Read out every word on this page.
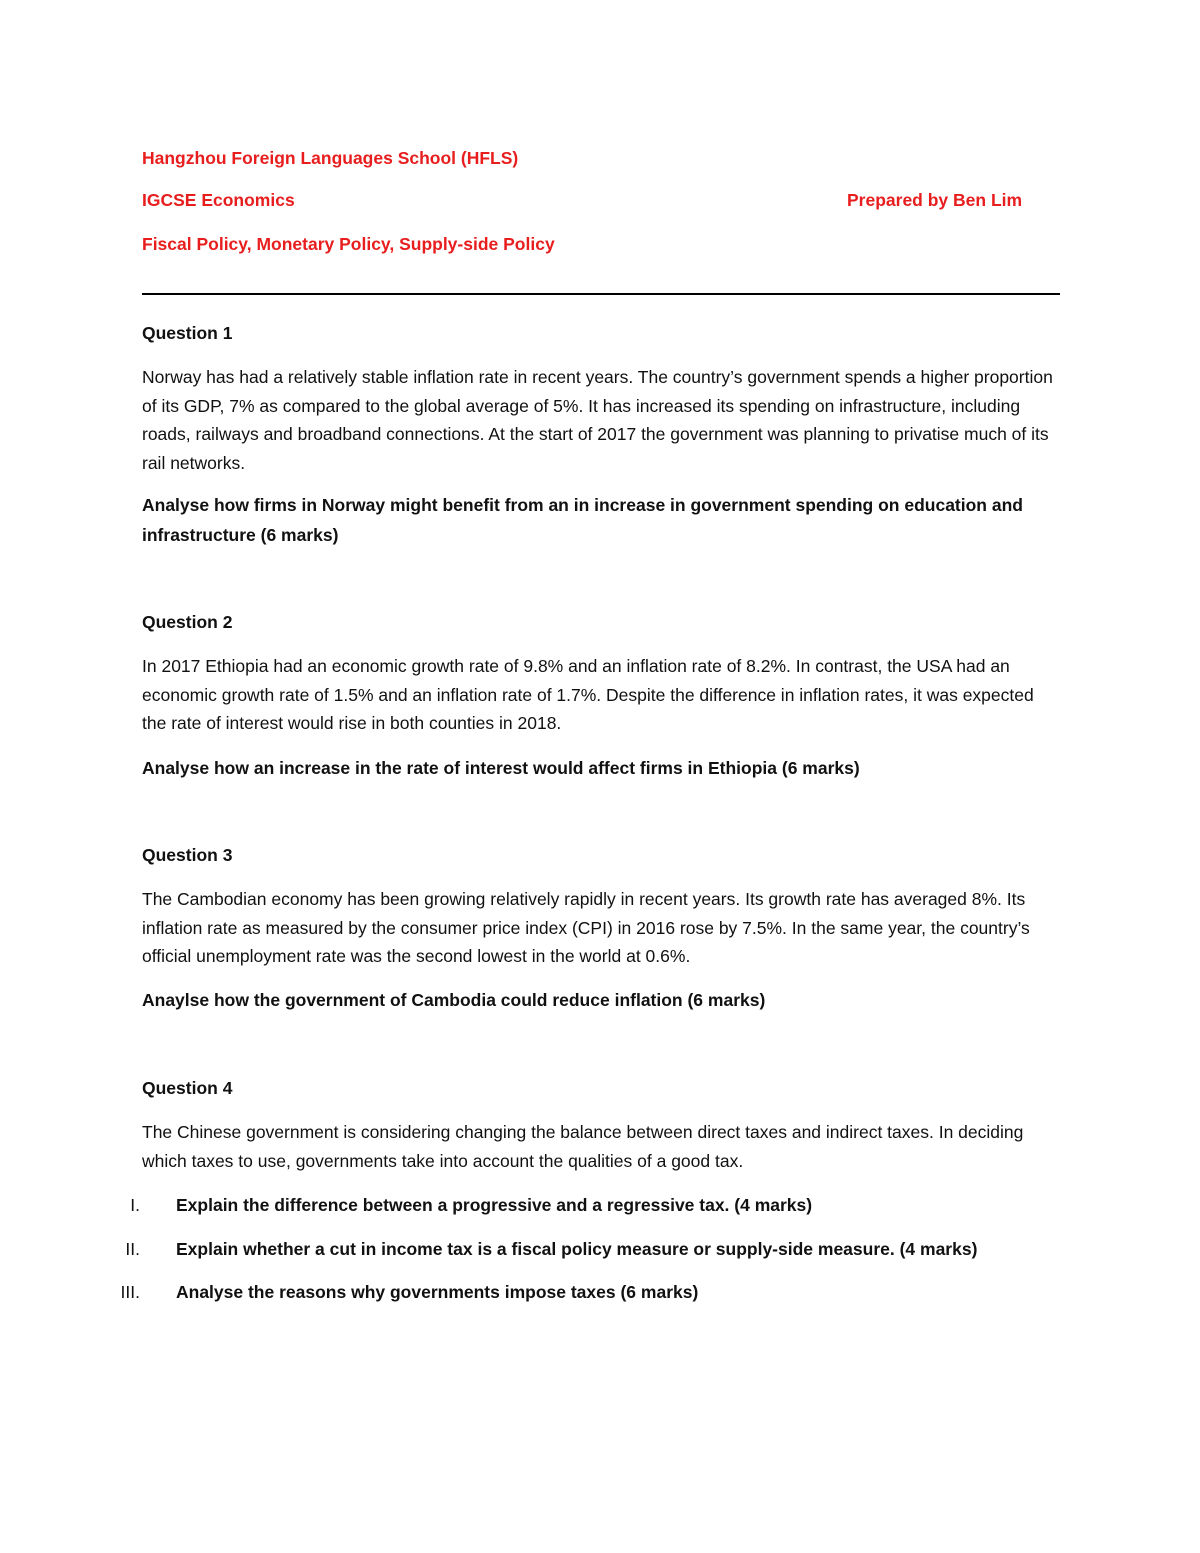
Hangzhou Foreign Languages School (HFLS)
IGCSE Economics	Prepared by Ben Lim
Fiscal Policy, Monetary Policy, Supply-side Policy
Question 1
Norway has had a relatively stable inflation rate in recent years. The country’s government spends a higher proportion of its GDP, 7% as compared to the global average of 5%. It has increased its spending on infrastructure, including roads, railways and broadband connections. At the start of 2017 the government was planning to privatise much of its rail networks.
Analyse how firms in Norway might benefit from an in increase in government spending on education and infrastructure (6 marks)
Question 2
In 2017 Ethiopia had an economic growth rate of 9.8% and an inflation rate of 8.2%. In contrast, the USA had an economic growth rate of 1.5% and an inflation rate of 1.7%. Despite the difference in inflation rates, it was expected the rate of interest would rise in both counties in 2018.
Analyse how an increase in the rate of interest would affect firms in Ethiopia (6 marks)
Question 3
The Cambodian economy has been growing relatively rapidly in recent years. Its growth rate has averaged 8%. Its inflation rate as measured by the consumer price index (CPI) in 2016 rose by 7.5%. In the same year, the country’s official unemployment rate was the second lowest in the world at 0.6%.
Anaylse how the government of Cambodia could reduce inflation (6 marks)
Question 4
The Chinese government is considering changing the balance between direct taxes and indirect taxes. In deciding which taxes to use, governments take into account the qualities of a good tax.
I. Explain the difference between a progressive and a regressive tax. (4 marks)
II. Explain whether a cut in income tax is a fiscal policy measure or supply-side measure. (4 marks)
III. Analyse the reasons why governments impose taxes (6 marks)
